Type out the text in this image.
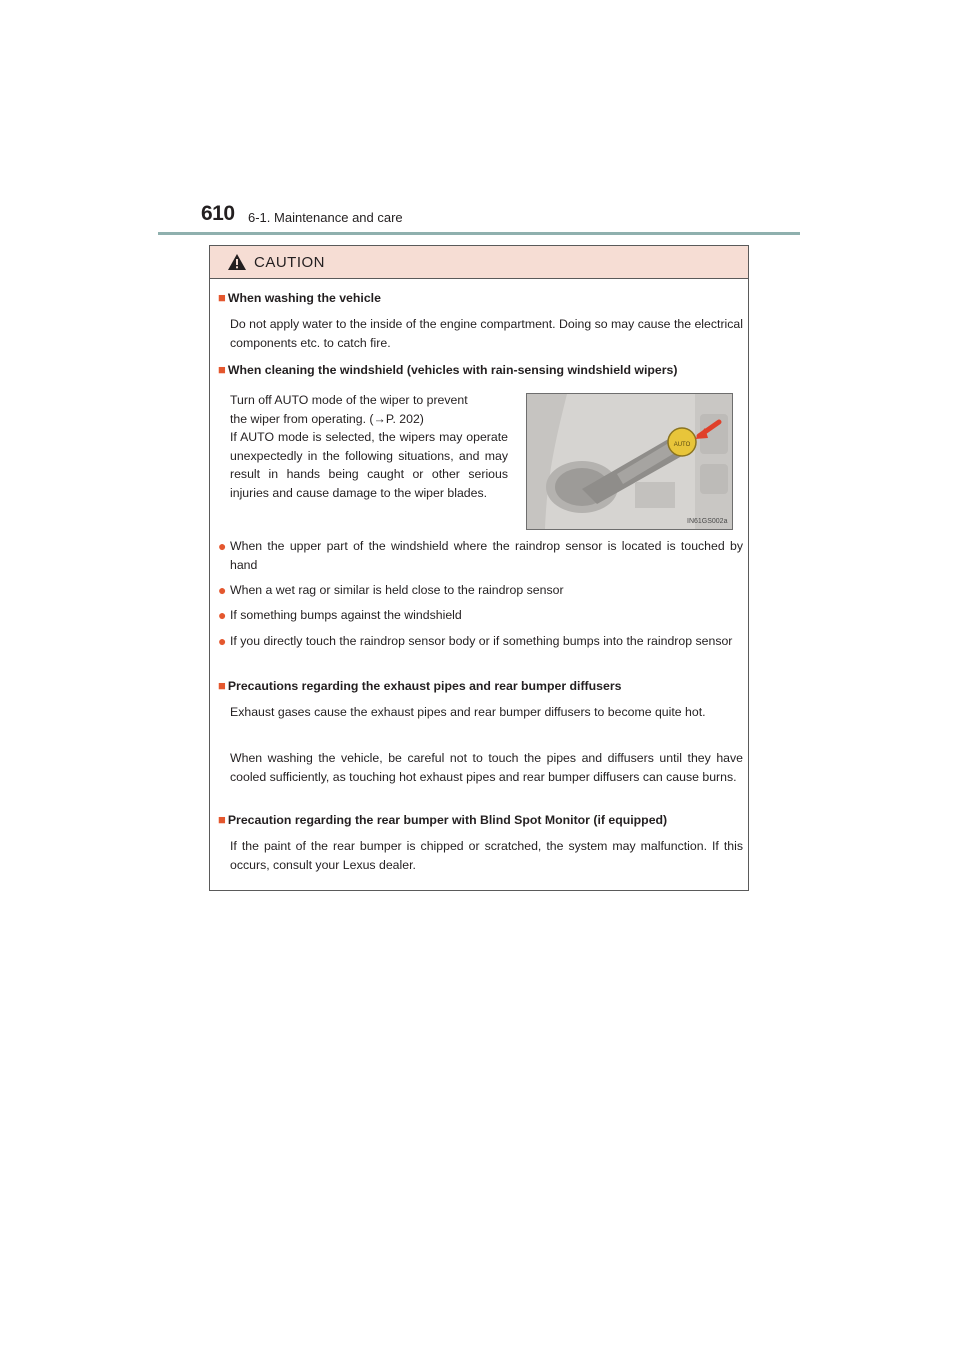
610 6-1. Maintenance and care
CAUTION
■ When washing the vehicle
Do not apply water to the inside of the engine compartment. Doing so may cause the electrical components etc. to catch fire.
■ When cleaning the windshield (vehicles with rain-sensing windshield wipers)
Turn off AUTO mode of the wiper to prevent
the wiper from operating. (→P. 202)
If AUTO mode is selected, the wipers may operate unexpectedly in the following situations, and may result in hands being caught or other serious injuries and cause damage to the wiper blades.
AUTO
IN61GS002a
● When the upper part of the windshield where the raindrop sensor is located is touched by hand
● When a wet rag or similar is held close to the raindrop sensor
● If something bumps against the windshield
● If you directly touch the raindrop sensor body or if something bumps into the raindrop sensor
■ Precautions regarding the exhaust pipes and rear bumper diffusers
Exhaust gases cause the exhaust pipes and rear bumper diffusers to become quite hot.
When washing the vehicle, be careful not to touch the pipes and diffusers until they have cooled sufficiently, as touching hot exhaust pipes and rear bumper diffusers can cause burns.
■ Precaution regarding the rear bumper with Blind Spot Monitor (if equipped)
If the paint of the rear bumper is chipped or scratched, the system may malfunction. If this occurs, consult your Lexus dealer.
